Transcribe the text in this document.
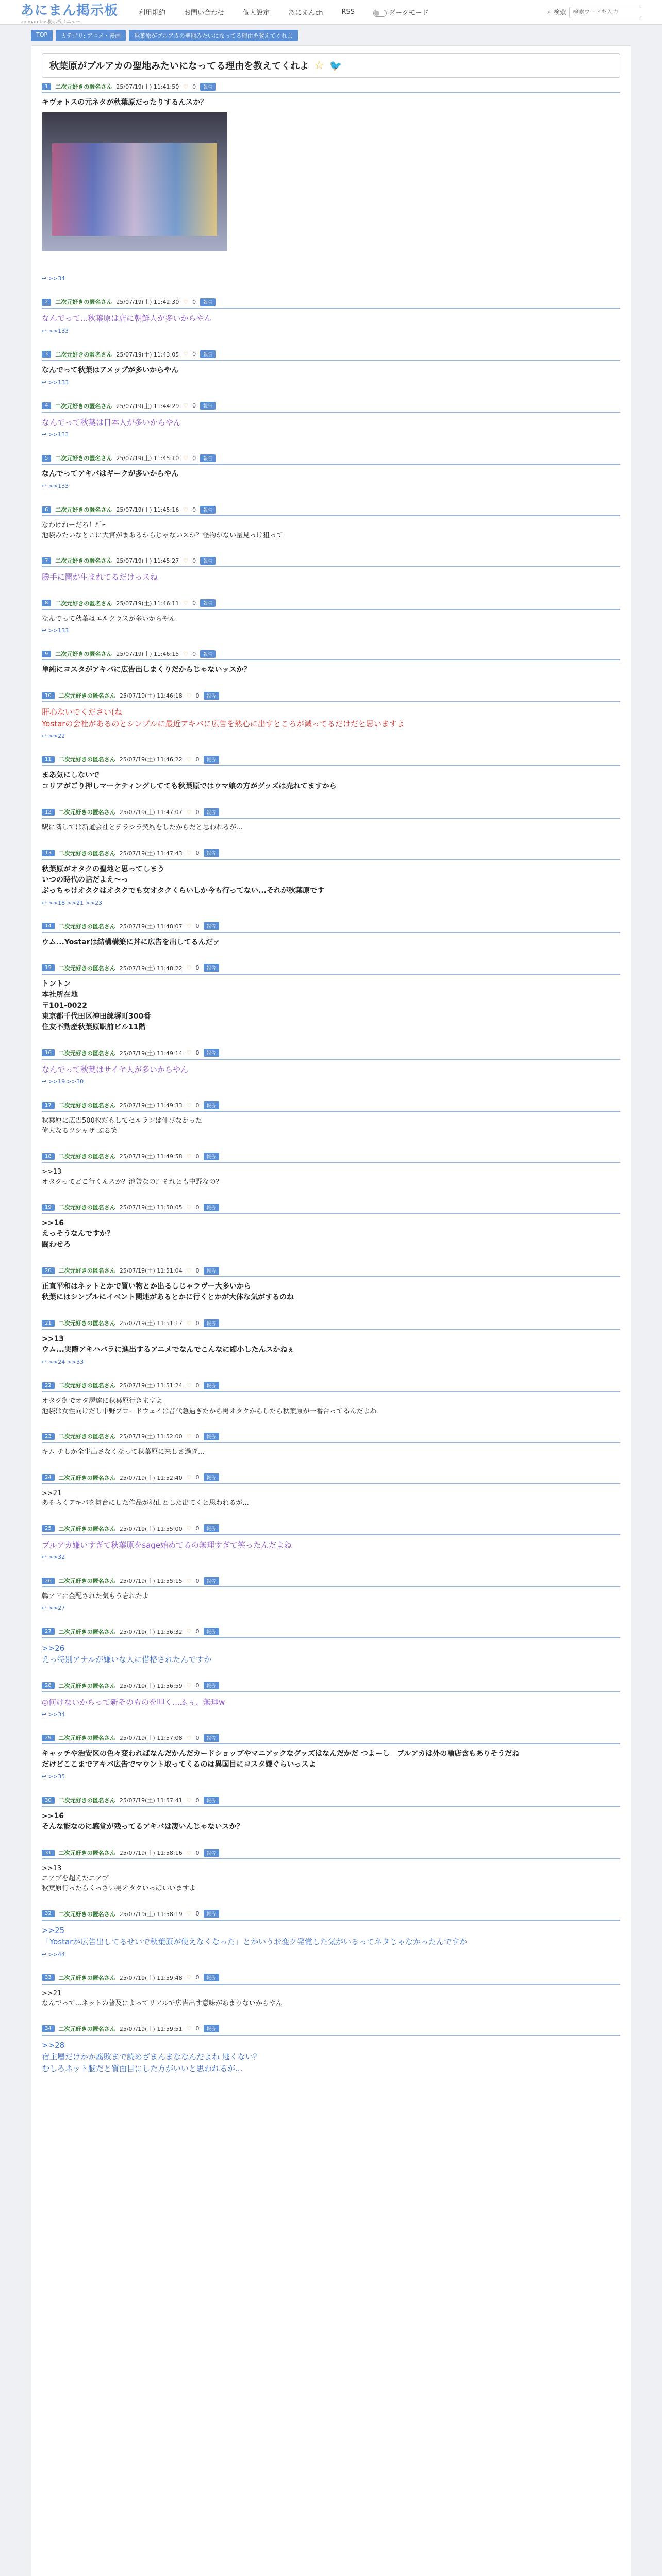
あにまん掲示板
animan bbs掲示板メニュー
利用規約	お問い合わせ	個人設定	あにまんch	RSS	ダークモード	⌕ 検索
検索ワードを入力
TOP	カテゴリ: アニメ・漫画	秋葉原がブルアカの聖地みたいになってる理由を教えてくれよ
秋葉原がブルアカの聖地みたいになってる理由を教えてくれよ ☆ 🐦
1	二次元好きの匿名さん 25/07/19(土) 11:41:50 ♡ 0	報告
キヴォトスの元ネタが秋葉原だったりするんスか？
↩ >>34
2	二次元好きの匿名さん 25/07/19(土) 11:42:30 ♡ 0	報告
なんでって...秋葉原は店に朝鮮人が多いからやん
↩ >>133
3	二次元好きの匿名さん 25/07/19(土) 11:43:05 ♡ 0	報告
なんでって秋葉はアメップが多いからやん
↩ >>133
4	二次元好きの匿名さん 25/07/19(土) 11:44:29 ♡ 0	報告
なんでって秋葉は日本人が多いからやん
↩ >>133
5	二次元好きの匿名さん 25/07/19(土) 11:45:10 ♡ 0	報告
なんでってアキバはギークが多いからやん
↩ >>133
6	二次元好きの匿名さん 25/07/19(土) 11:45:16 ♡ 0	報告
なわけねーだろ！ﾊﾞｰ
池袋みたいなとこに大宮がまあるからじゃないスか？怪物がない量見っけ狙って
7	二次元好きの匿名さん 25/07/19(土) 11:45:27 ♡ 0	報告
勝手に聞が生まれてるだけっスね
8	二次元好きの匿名さん 25/07/19(土) 11:46:11 ♡ 0	報告
なんでって秋葉はエルクラスが多いからやん
↩ >>133
9	二次元好きの匿名さん 25/07/19(土) 11:46:15 ♡ 0	報告
単純にヨスタがアキバに広告出しまくりだからじゃないッスか？
10	二次元好きの匿名さん 25/07/19(土) 11:46:18 ♡ 0	報告
肝心ないでください(ね
Yostarの会社があるのとシンプルに最近アキバに広告を熱心に出すところが減ってるだけだと思いますよ
↩ >>22
11	二次元好きの匿名さん 25/07/19(土) 11:46:22 ♡ 0	報告
まあ気にしないで
コリアがごり押しマーケティングしてても秋葉原ではウマ娘の方がグッズは売れてますから
12	二次元好きの匿名さん 25/07/19(土) 11:47:07 ♡ 0	報告
駅に隣しては新道会社とテラシラ契約をしたからだと思われるが...
13	二次元好きの匿名さん 25/07/19(土) 11:47:43 ♡ 0	報告
秋葉原がオタクの聖地と思ってしまう
いつの時代の話だよえ〜っ
ぶっちゃけオタクはオタクでも女オタクくらいしか今も行ってない...それが秋葉原です
↩ >>18 >>21 >>23
14	二次元好きの匿名さん 25/07/19(土) 11:48:07 ♡ 0	報告
ウム...Yostarは結構構築に丼に広告を出してるんだァ
15	二次元好きの匿名さん 25/07/19(土) 11:48:22 ♡ 0	報告
トントン
本社所在地
〒101-0022
東京都千代田区神田練塀町300番
住友不動産秋葉原駅前ビル11階
16	二次元好きの匿名さん 25/07/19(土) 11:49:14 ♡ 0	報告
なんでって秋葉はサイヤ人が多いからやん
↩ >>19 >>30
17	二次元好きの匿名さん 25/07/19(土) 11:49:33 ♡ 0	報告
秋葉原に広告500枚だもしてセルランは伸びなかった
偉大なるツシャザ ぷる笑
18	二次元好きの匿名さん 25/07/19(土) 11:49:58 ♡ 0	報告
>>13
オタクってどこ行くんスか？池袋なの？それとも中野なの？
19	二次元好きの匿名さん 25/07/19(土) 11:50:05 ♡ 0	報告
>>16
えっそうなんですか？
闘わせろ
20	二次元好きの匿名さん 25/07/19(土) 11:51:04 ♡ 0	報告
正直平和はネットとかで買い物とか出るしじゃラヴー大多いから
秋葉にはシンプルにイベント関連があるとかに行くとかが大体な気がするのね
21	二次元好きの匿名さん 25/07/19(土) 11:51:17 ♡ 0	報告
>>13
ウム...実際アキハバラに進出するアニメでなんでこんなに縮小したんスかねぇ
↩ >>24 >>33
22	二次元好きの匿名さん 25/07/19(土) 11:51:24 ♡ 0	報告
オタク御でオタ層達に秋葉原行きますよ
池袋は女性向けだし中野ブロードウェイは昔代急過ぎたから男オタクからしたら秋葉原が一番合ってるんだよね
23	二次元好きの匿名さん 25/07/19(土) 11:52:00 ♡ 0	報告
キム チしか全生出さなくなって秋葉原に来しさ過ぎ...
24	二次元好きの匿名さん 25/07/19(土) 11:52:40 ♡ 0	報告
>>21
あそらくアキバを舞台にした作品が沢山とした出てくと思われるが...
25	二次元好きの匿名さん 25/07/19(土) 11:55:00 ♡ 0	報告
ブルアカ嫌いすぎて秋葉原をsage始めてるの無理すぎて笑ったんだよね
↩ >>32
26	二次元好きの匿名さん 25/07/19(土) 11:55:15 ♡ 0	報告
韓アドに金配された気もう忘れたよ
↩ >>27
27	二次元好きの匿名さん 25/07/19(土) 11:56:32 ♡ 0	報告
>>26
えっ特別アナルが嫌いな人に借格されたんですか
28	二次元好きの匿名さん 25/07/19(土) 11:56:59 ♡ 0	報告
◎何けないからって新そのものを叩く…ふぅ、無理w
↩ >>34
29	二次元好きの匿名さん 25/07/19(土) 11:57:08 ♡ 0	報告
キャッチや治安区の色々変わればなんだかんだカードショップやマニアックなグッズはなんだかだ つよーし　ブルアカは外の輸店含もありそうだね
だけどここまでアキバ広告でマウント取ってくるのは異国目にヨスタ嫌ぐらいっスよ
↩ >>35
30	二次元好きの匿名さん 25/07/19(土) 11:57:41 ♡ 0	報告
>>16
そんな能なのに感覚が残ってるアキバは凄いんじゃないスか？
31	二次元好きの匿名さん 25/07/19(土) 11:58:16 ♡ 0	報告
>>13
エアプを超えたエアプ
秋葉原行ったらくっさい男オタクいっぱいいますよ
32	二次元好きの匿名さん 25/07/19(土) 11:58:19 ♡ 0	報告
>>25
「Yostarが広告出してるせいで秋葉原が使えなくなった」とかいうお変ク発覚した気がいるってネタじゃなかったんですか
↩ >>44
33	二次元好きの匿名さん 25/07/19(土) 11:59:48 ♡ 0	報告
>>21
なんでって...ネットの普及によってリアルで広告出す意味があまりないからやん
34	二次元好きの匿名さん 25/07/19(土) 11:59:51 ♡ 0	報告
>>28
宿主層だけかか腐敗まで読めざまんまななんだよね 逃くない？
むしろネット脳だと質面目にした方がいいと思われるが...
